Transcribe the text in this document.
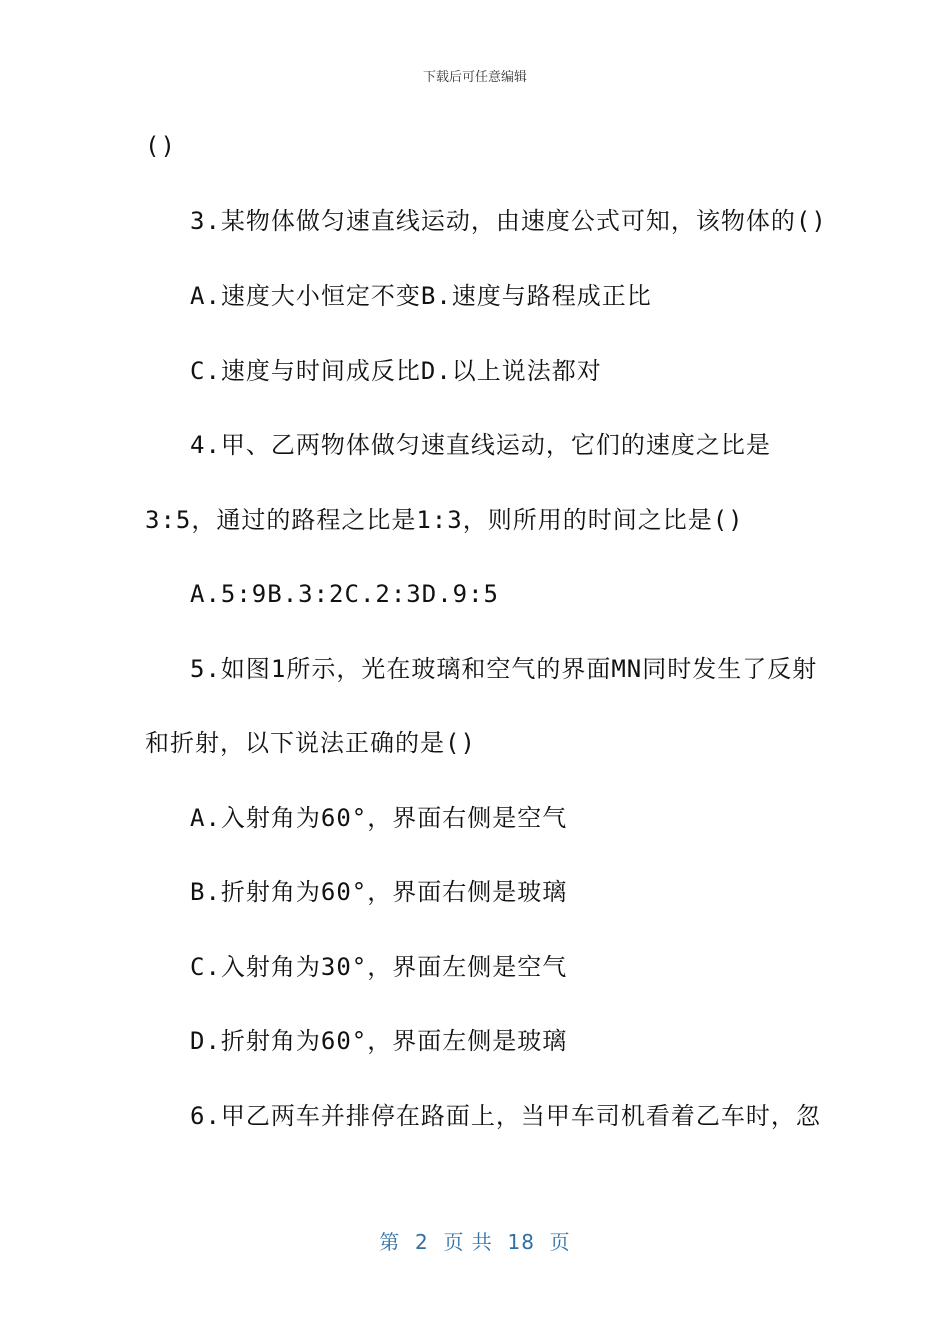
下载后可任意编辑
()
3.某物体做匀速直线运动，由速度公式可知，该物体的()
A.速度大小恒定不变B.速度与路程成正比
C.速度与时间成反比D.以上说法都对
4.甲、乙两物体做匀速直线运动，它们的速度之比是
3:5，通过的路程之比是1:3，则所用的时间之比是()
A.5:9B.3:2C.2:3D.9:5
5.如图1所示，光在玻璃和空气的界面MN同时发生了反射
和折射，以下说法正确的是()
A.入射角为60°，界面右侧是空气
B.折射角为60°，界面右侧是玻璃
C.入射角为30°，界面左侧是空气
D.折射角为60°，界面左侧是玻璃
6.甲乙两车并排停在路面上，当甲车司机看着乙车时，忽
第  2  页 共  18  页
